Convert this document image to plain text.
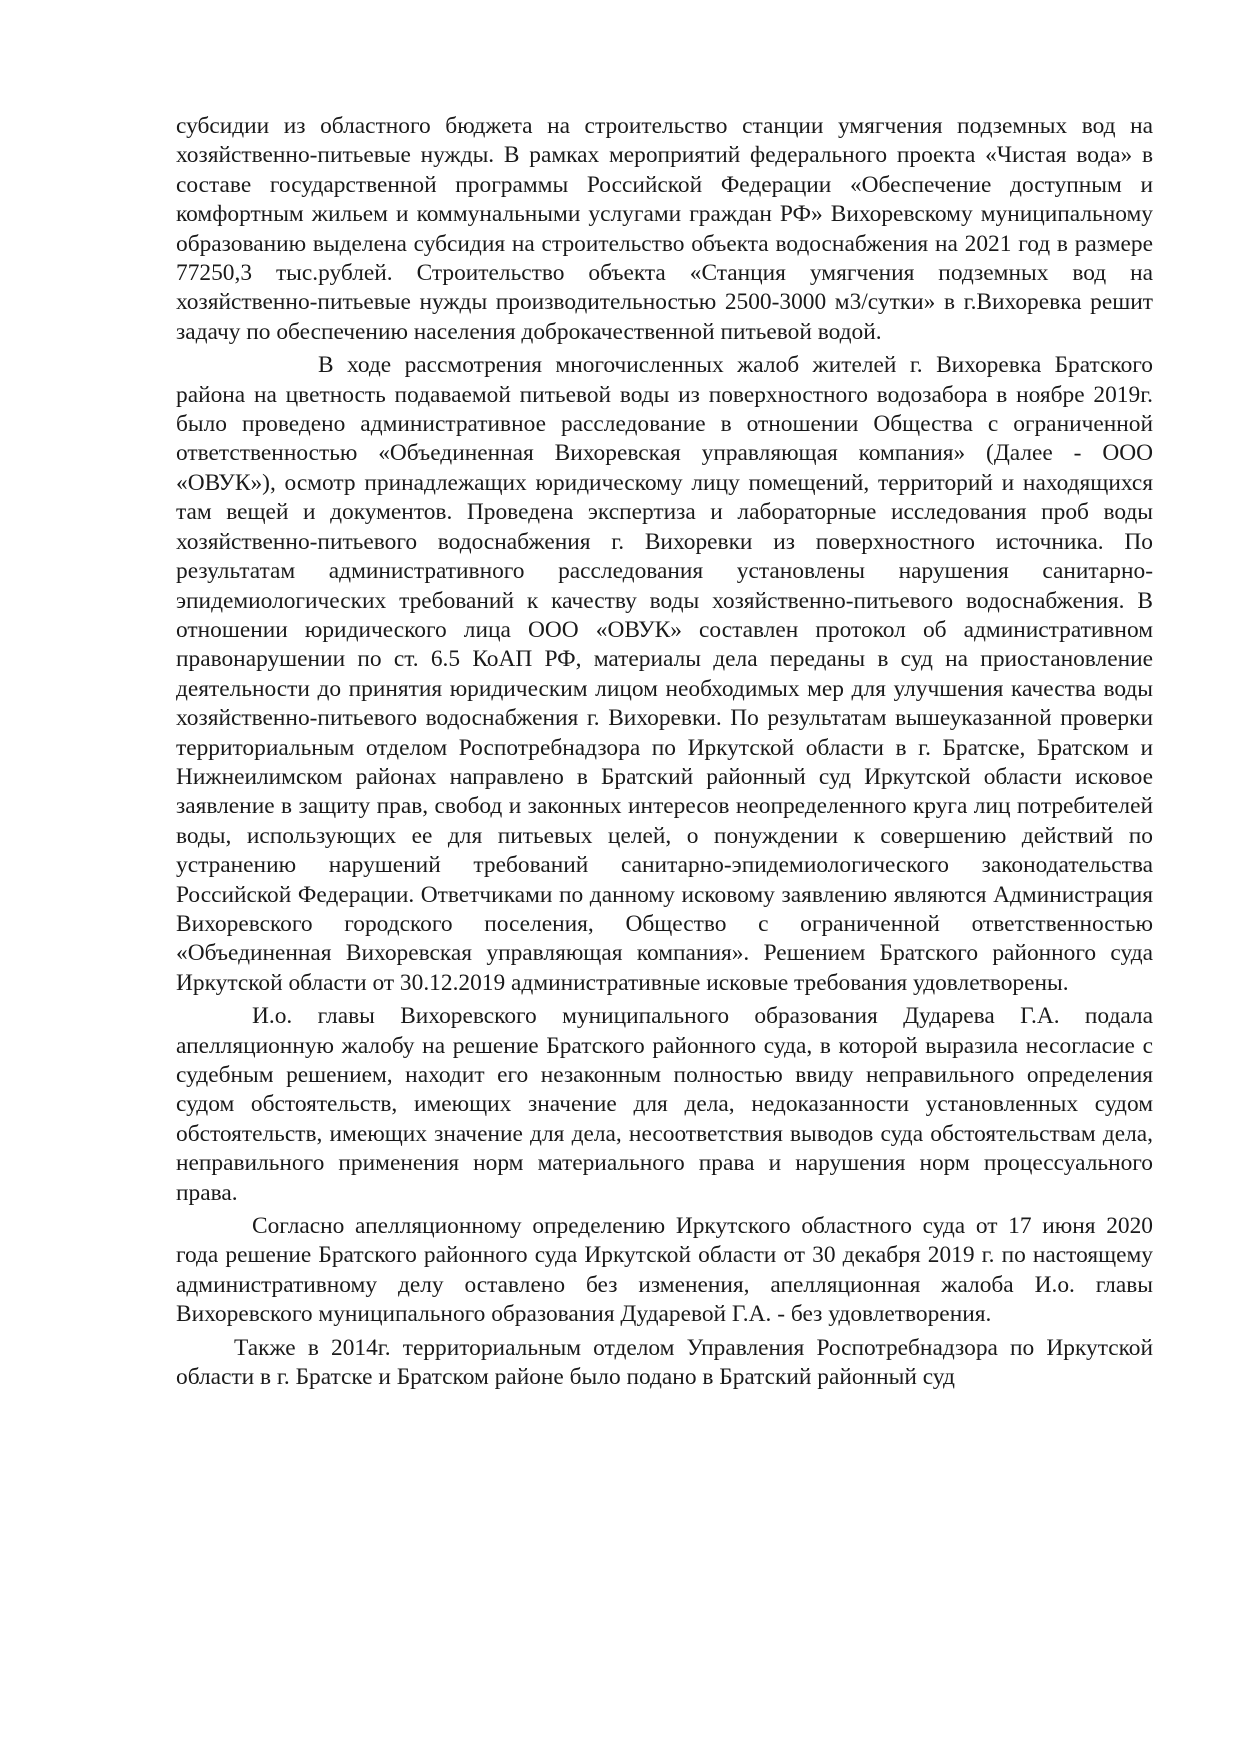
субсидии из областного бюджета на строительство станции умягчения подземных вод на хозяйственно-питьевые нужды. В рамках мероприятий федерального проекта «Чистая вода» в составе государственной программы Российской Федерации «Обеспечение доступным и комфортным жильем и коммунальными услугами граждан РФ» Вихоревскому муниципальному образованию выделена субсидия на строительство объекта водоснабжения на 2021 год в размере 77250,3 тыс.рублей. Строительство объекта «Станция умягчения подземных вод на хозяйственно-питьевые нужды производительностью 2500-3000 м3/сутки» в г.Вихоревка решит задачу по обеспечению населения доброкачественной питьевой водой.

В ходе рассмотрения многочисленных жалоб жителей г. Вихоревка Братского района на цветность подаваемой питьевой воды из поверхностного водозабора в ноябре 2019г. было проведено административное расследование в отношении Общества с ограниченной ответственностью «Объединенная Вихоревская управляющая компания» (Далее - ООО «ОВУК»), осмотр принадлежащих юридическому лицу помещений, территорий и находящихся там вещей и документов. Проведена экспертиза и лабораторные исследования проб воды хозяйственно-питьевого водоснабжения г. Вихоревки из поверхностного источника. По результатам административного расследования установлены нарушения санитарно-эпидемиологических требований к качеству воды хозяйственно-питьевого водоснабжения. В отношении юридического лица ООО «ОВУК» составлен протокол об административном правонарушении по ст. 6.5 КоАП РФ, материалы дела переданы в суд на приостановление деятельности до принятия юридическим лицом необходимых мер для улучшения качества воды хозяйственно-питьевого водоснабжения г. Вихоревки. По результатам вышеуказанной проверки территориальным отделом Роспотребнадзора по Иркутской области в г. Братске, Братском и Нижнеилимском районах направлено в Братский районный суд Иркутской области исковое заявление в защиту прав, свобод и законных интересов неопределенного круга лиц потребителей воды, использующих ее для питьевых целей, о понуждении к совершению действий по устранению нарушений требований санитарно-эпидемиологического законодательства Российской Федерации. Ответчиками по данному исковому заявлению являются Администрация Вихоревского городского поселения, Общество с ограниченной ответственностью «Объединенная Вихоревская управляющая компания». Решением Братского районного суда Иркутской области от 30.12.2019 административные исковые требования удовлетворены.

И.о. главы Вихоревского муниципального образования Дударева Г.А. подала апелляционную жалобу на решение Братского районного суда, в которой выразила несогласие с судебным решением, находит его незаконным полностью ввиду неправильного определения судом обстоятельств, имеющих значение для дела, недоказанности установленных судом обстоятельств, имеющих значение для дела, несоответствия выводов суда обстоятельствам дела, неправильного применения норм материального права и нарушения норм процессуального права.

Согласно апелляционному определению Иркутского областного суда от 17 июня 2020 года решение Братского районного суда Иркутской области от 30 декабря 2019 г. по настоящему административному делу оставлено без изменения, апелляционная жалоба И.о. главы Вихоревского муниципального образования Дударевой Г.А. - без удовлетворения.

Также в 2014г. территориальным отделом Управления Роспотребнадзора по Иркутской области в г. Братске и Братском районе было подано в Братский районный суд
